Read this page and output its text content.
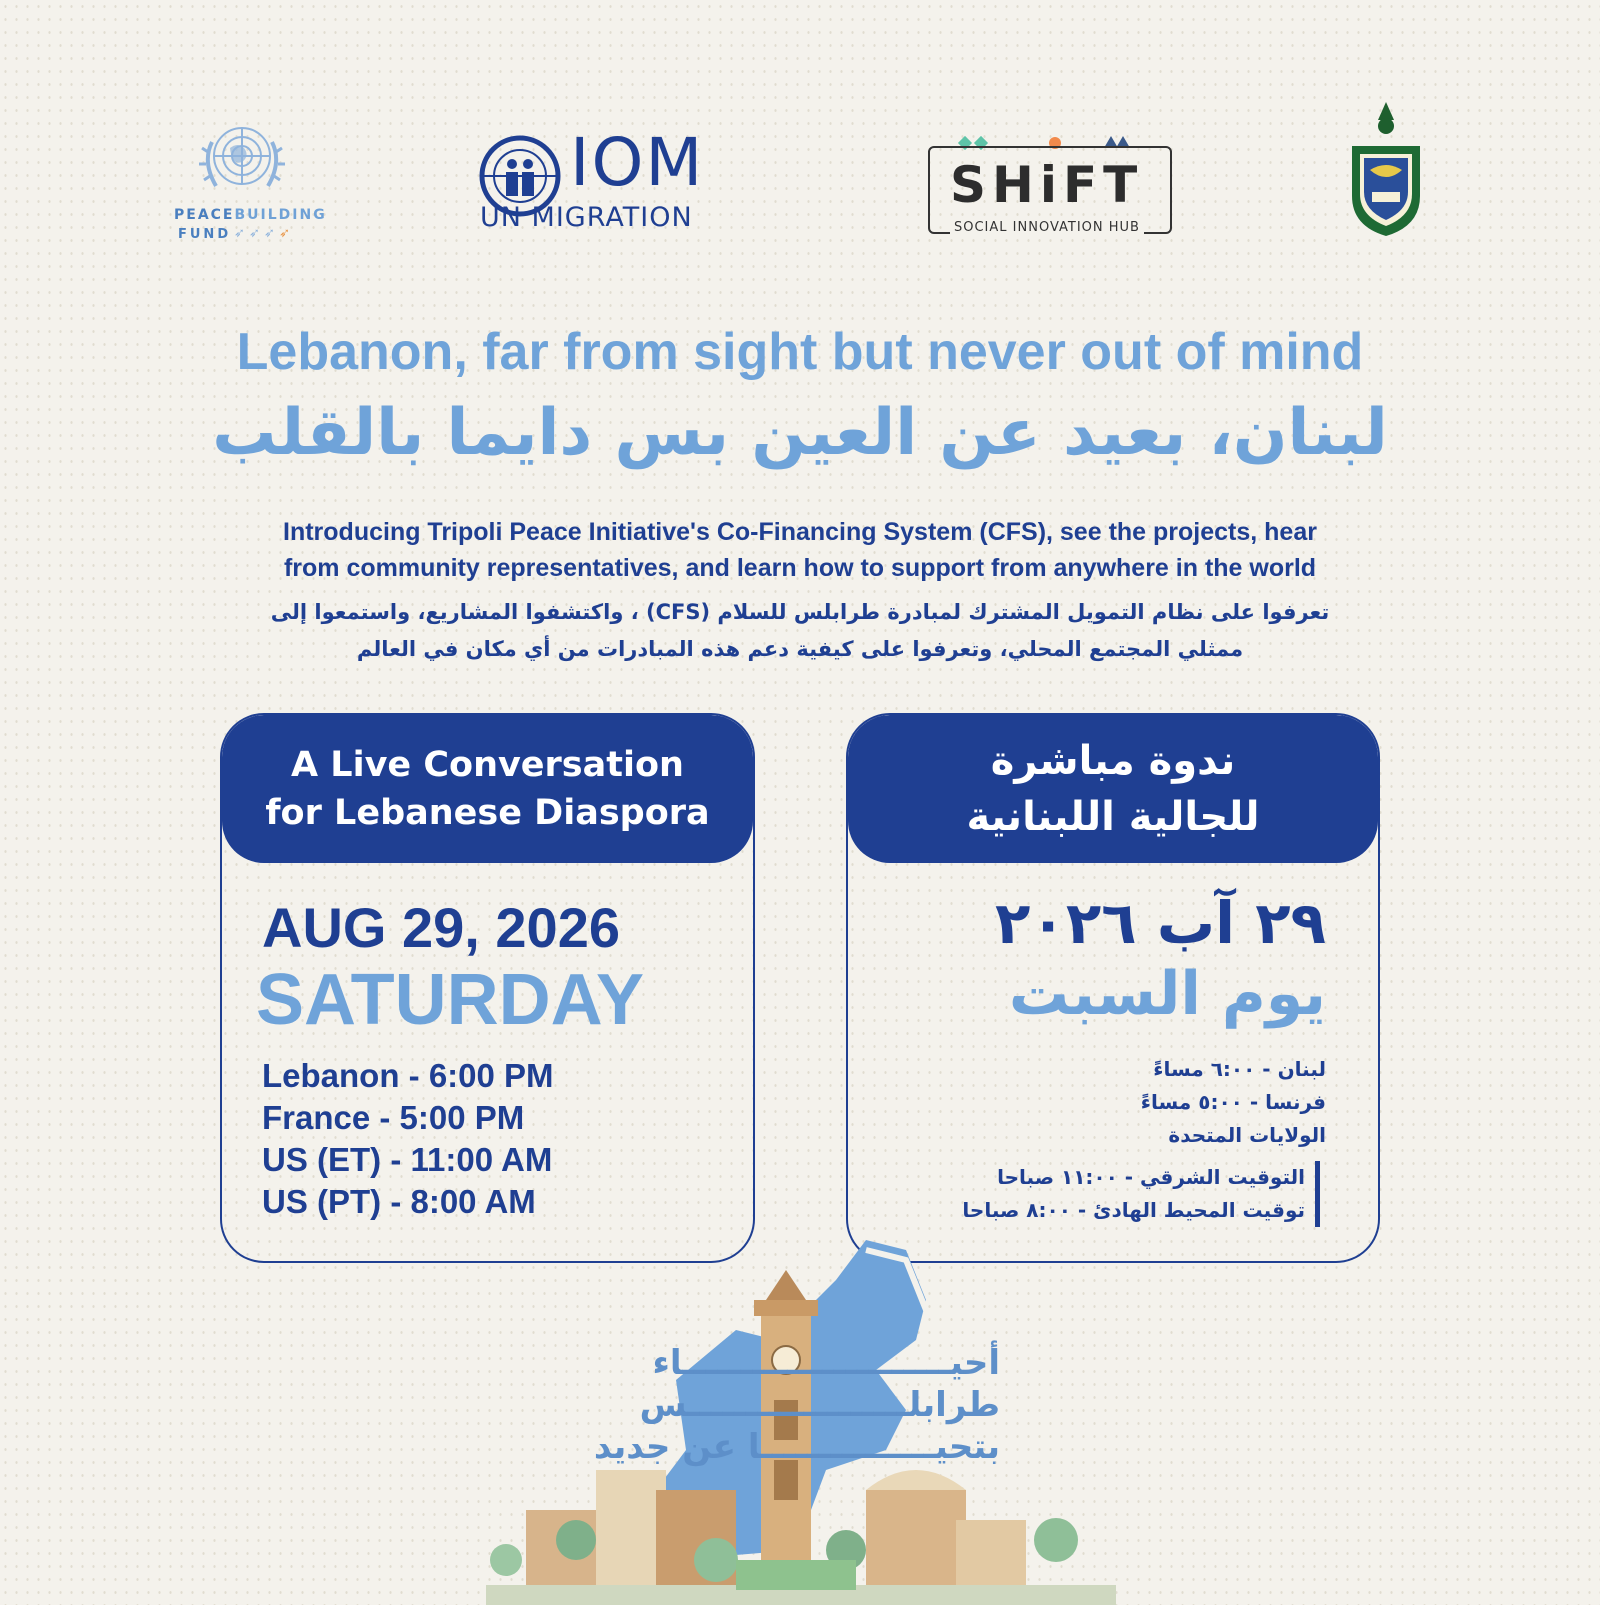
PEACEBUILDING
FUND ➶ ➶ ➶ ➶
IOM
UN MIGRATION
SHiFT
SOCIAL INNOVATION HUB
Lebanon, far from sight but never out of mind
لبنان، بعيد عن العين بس دايما بالقلب
Introducing Tripoli Peace Initiative's Co-Financing System (CFS), see the projects, hear
from community representatives, and learn how to support from anywhere in the world
تعرفوا على نظام التمويل المشترك لمبادرة طرابلس للسلام (CFS) ، واكتشفوا المشاريع، واستمعوا إلى
ممثلي المجتمع المحلي، وتعرفوا على كيفية دعم هذه المبادرات من أي مكان في العالم
A Live Conversation
for Lebanese Diaspora
AUG 29, 2026
SATURDAY
Lebanon - 6:00 PM
France - 5:00 PM
US (ET) - 11:00 AM
US (PT) - 8:00 AM
ندوة مباشرة
للجالية اللبنانية
٢٩ آب ٢٠٢٦
يوم السبت
لبنان - ٦:٠٠ مساءً
فرنسا - ٥:٠٠ مساءً
الولايات المتحدة
التوقيت الشرقي - ١١:٠٠ صباحا
توقيت المحيط الهادئ - ٨:٠٠ صباحا
أحيـــــــــــــــــــــــاء
طرابلـــــــــــــــــــس
بتحيـــــــــــــــا عن جديد
